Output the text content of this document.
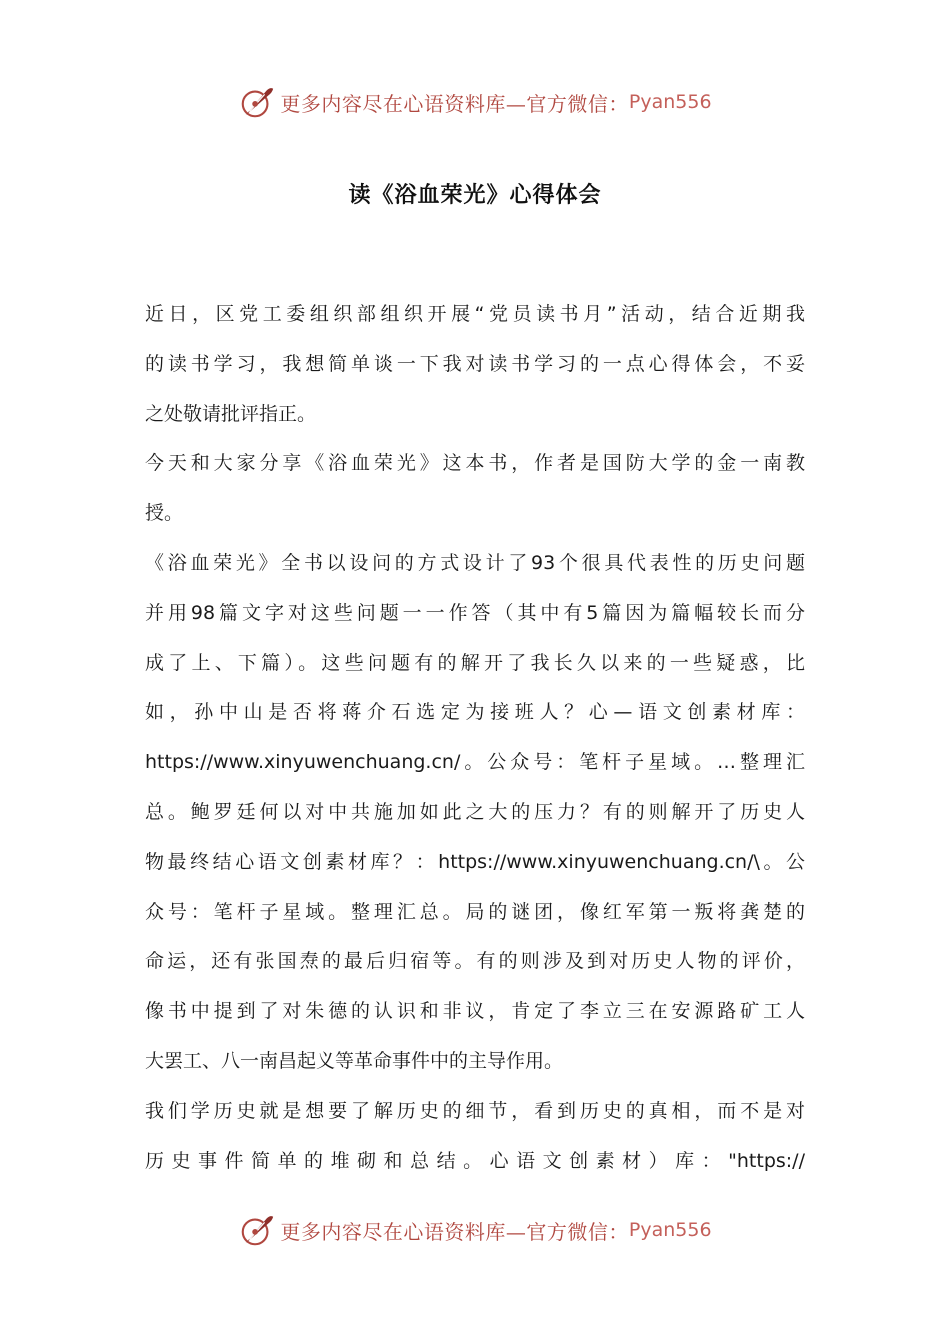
更多内容尽在心语资料库—官方微信： Pyan556
读《浴血荣光》心得体会
近日，区党工委组织部组织开展“党员读书月”活动，结合近期我
的读书学习，我想简单谈一下我对读书学习的一点心得体会，不妥
之处敬请批评指正。
今天和大家分享《浴血荣光》这本书，作者是国防大学的金一南教
授。
《浴血荣光》全书以设问的方式设计了93个很具代表性的历史问题
并用98篇文字对这些问题一一作答（其中有5篇因为篇幅较长而分
成了上、下篇）。这些问题有的解开了我长久以来的一些疑惑，比
如，孙中山是否将蒋介石选定为接班人？心—语文创素材库：
https://www.xinyuwenchuang.cn/。公众号：笔杆子星域。…整理汇
总。鲍罗廷何以对中共施加如此之大的压力？有的则解开了历史人
物最终结心语文创素材库？：https://www.xinyuwenchuang.cn/\。公
众号：笔杆子星域。整理汇总。局的谜团，像红军第一叛将龚楚的
命运，还有张国焘的最后归宿等。有的则涉及到对历史人物的评价，
像书中提到了对朱德的认识和非议，肯定了李立三在安源路矿工人
大罢工、八一南昌起义等革命事件中的主导作用。
我们学历史就是想要了解历史的细节，看到历史的真相，而不是对
历史事件简单的堆砌和总结。心语文创素材）库："https://
更多内容尽在心语资料库—官方微信： Pyan556
